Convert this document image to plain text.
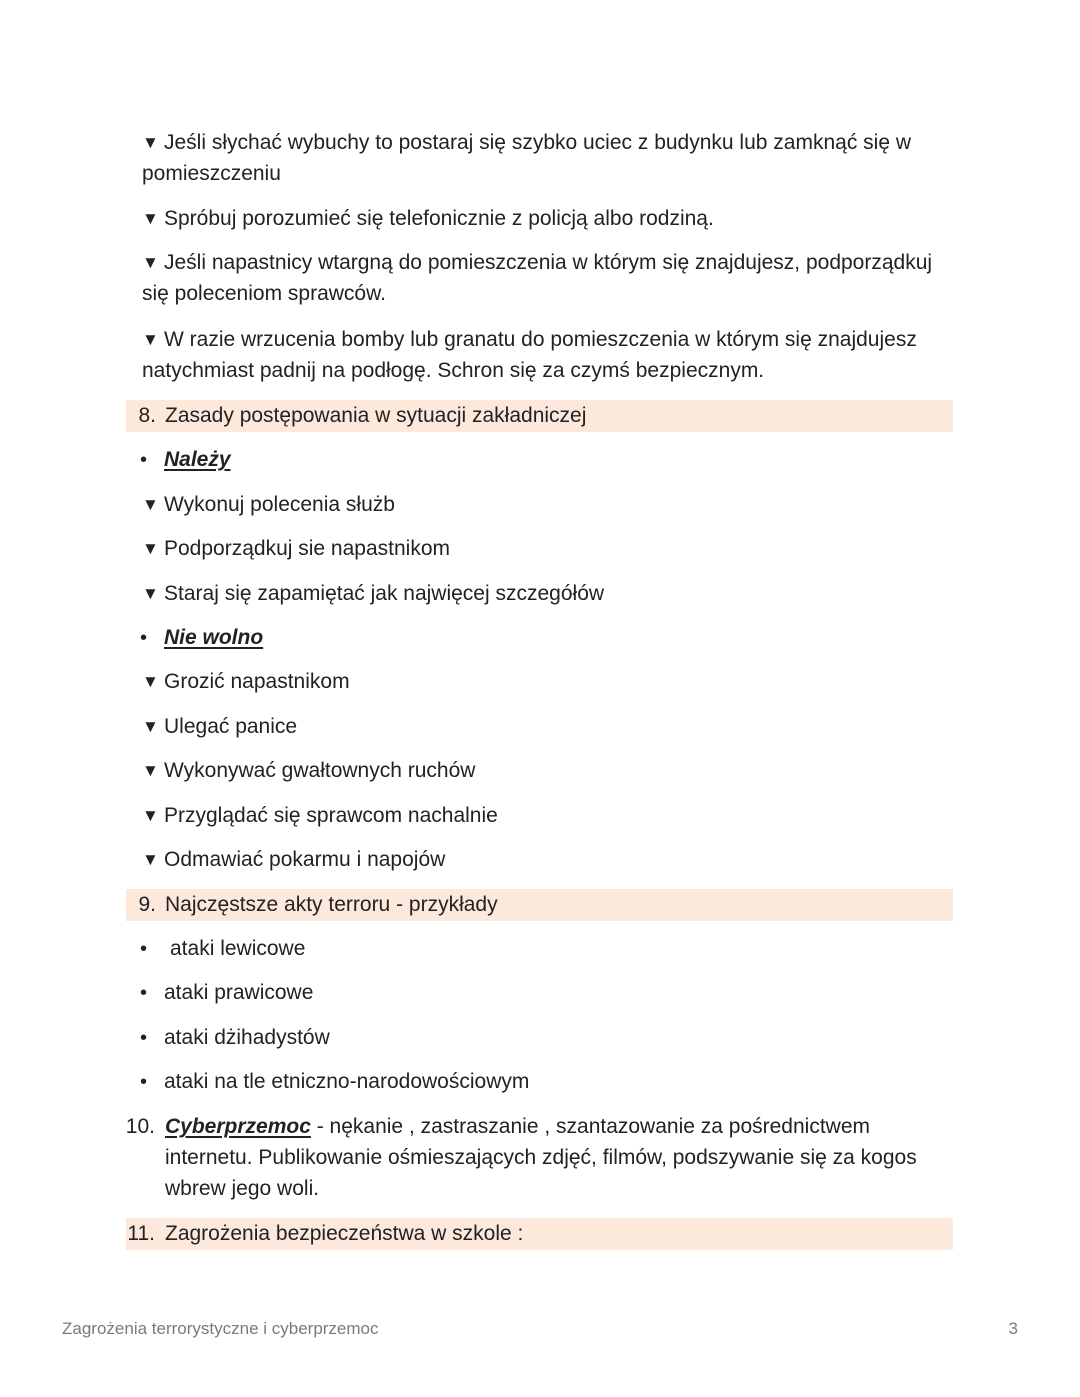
▼ Jeśli słychać wybuchy to postaraj się szybko uciec z budynku lub zamknąć się w
pomieszczeniu
▼ Spróbuj porozumieć się telefonicznie z policją albo rodziną.
▼ Jeśli napastnicy wtargną do pomieszczenia w którym się znajdujesz, podporządkuj
się poleceniom sprawców.
▼ W razie wrzucenia bomby lub granatu do pomieszczenia w którym się znajdujesz
natychmiast padnij na podłogę. Schron się za czymś bezpiecznym.
8. Zasady postępowania w sytuacji zakładniczej
• Należy
▼ Wykonuj polecenia służb
▼ Podporządkuj sie napastnikom
▼ Staraj się zapamiętać jak najwięcej szczegółów
• Nie wolno
▼ Grozić napastnikom
▼ Ulegać panice
▼ Wykonywać gwałtownych ruchów
▼ Przyglądać się sprawcom nachalnie
▼ Odmawiać pokarmu i napojów
9. Najczęstsze akty terroru - przykłady
• ataki lewicowe
• ataki prawicowe
• ataki dżihadystów
• ataki na tle etniczno-narodowościowym
10. Cyberprzemoc - nękanie , zastraszanie , szantazowanie za pośrednictwem
internetu. Publikowanie ośmieszających zdjęć, filmów, podszywanie się za kogos
wbrew jego woli.
11. Zagrożenia bezpieczeństwa w szkole :
Zagrożenia terrorystyczne i cyberprzemoc	3
